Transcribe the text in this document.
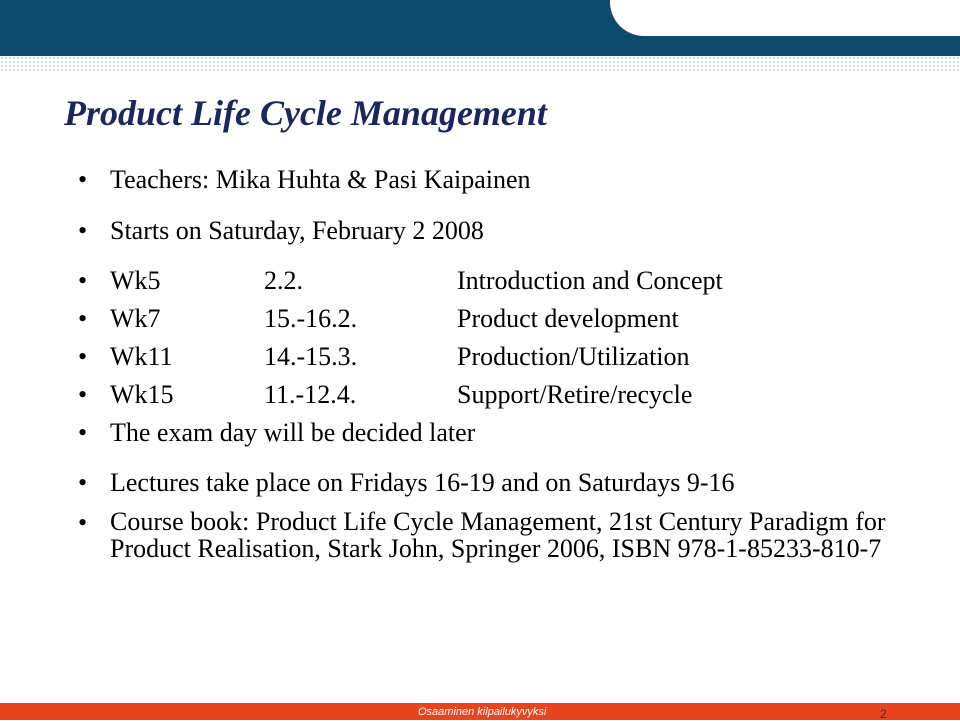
Product Life Cycle Management
• Teachers: Mika Huhta & Pasi Kaipainen
• Starts on Saturday, February 2 2008
• Wk5	2.2.	Introduction and Concept
• Wk7	15.-16.2.	Product development
• Wk11	14.-15.3.	Production/Utilization
• Wk15	11.-12.4.	Support/Retire/recycle
• The exam day will be decided later
• Lectures take place on Fridays 16-19 and on Saturdays 9-16
• Course book: Product Life Cycle Management, 21st Century Paradigm for Product Realisation, Stark John, Springer 2006, ISBN 978-1-85233-810-7
Osaaminen kilpailukyvyksi	2
